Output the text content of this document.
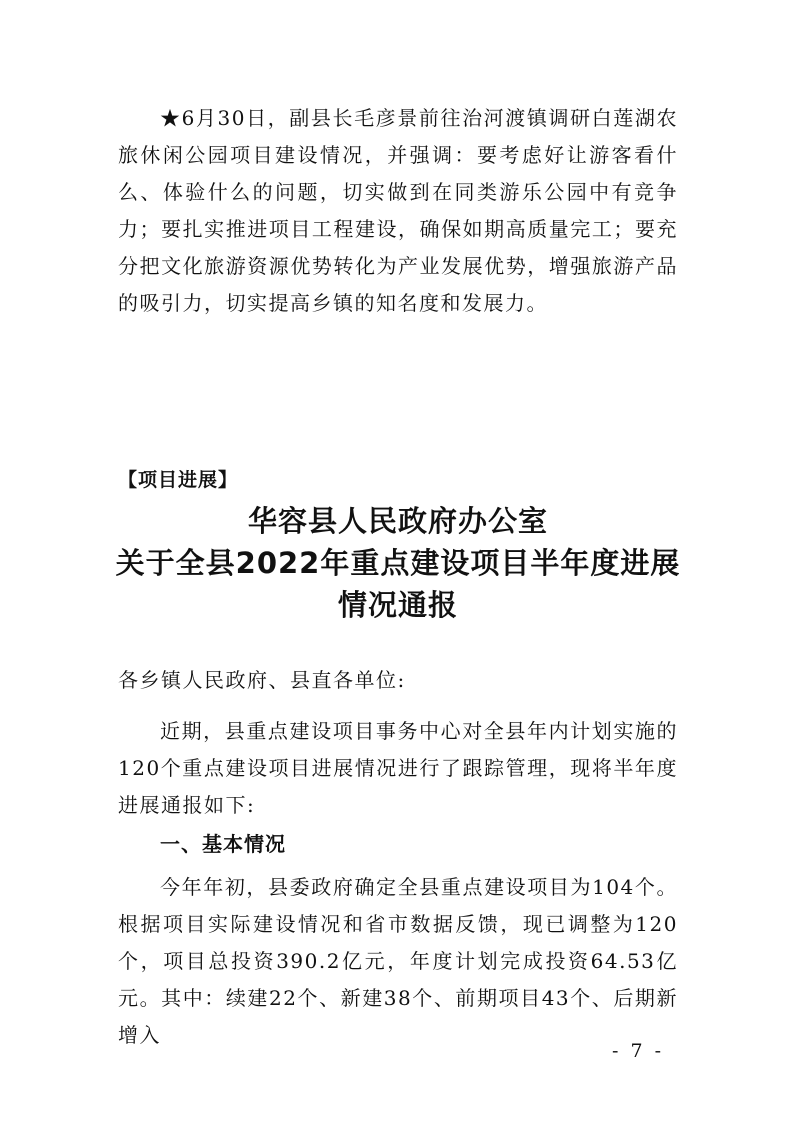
★6月30日，副县长毛彦景前往治河渡镇调研白莲湖农旅休闲公园项目建设情况，并强调：要考虑好让游客看什么、体验什么的问题，切实做到在同类游乐公园中有竞争力；要扎实推进项目工程建设，确保如期高质量完工；要充分把文化旅游资源优势转化为产业发展优势，增强旅游产品的吸引力，切实提高乡镇的知名度和发展力。

【项目进展】
华容县人民政府办公室
关于全县2022年重点建设项目半年度进展
情况通报

各乡镇人民政府、县直各单位:

近期，县重点建设项目事务中心对全县年内计划实施的120个重点建设项目进展情况进行了跟踪管理，现将半年度进展通报如下:

一、基本情况

今年年初，县委政府确定全县重点建设项目为104个。根据项目实际建设情况和省市数据反馈，现已调整为120个，项目总投资390.2亿元，年度计划完成投资64.53亿元。其中：续建22个、新建38个、前期项目43个、后期新增入

- 7 -
